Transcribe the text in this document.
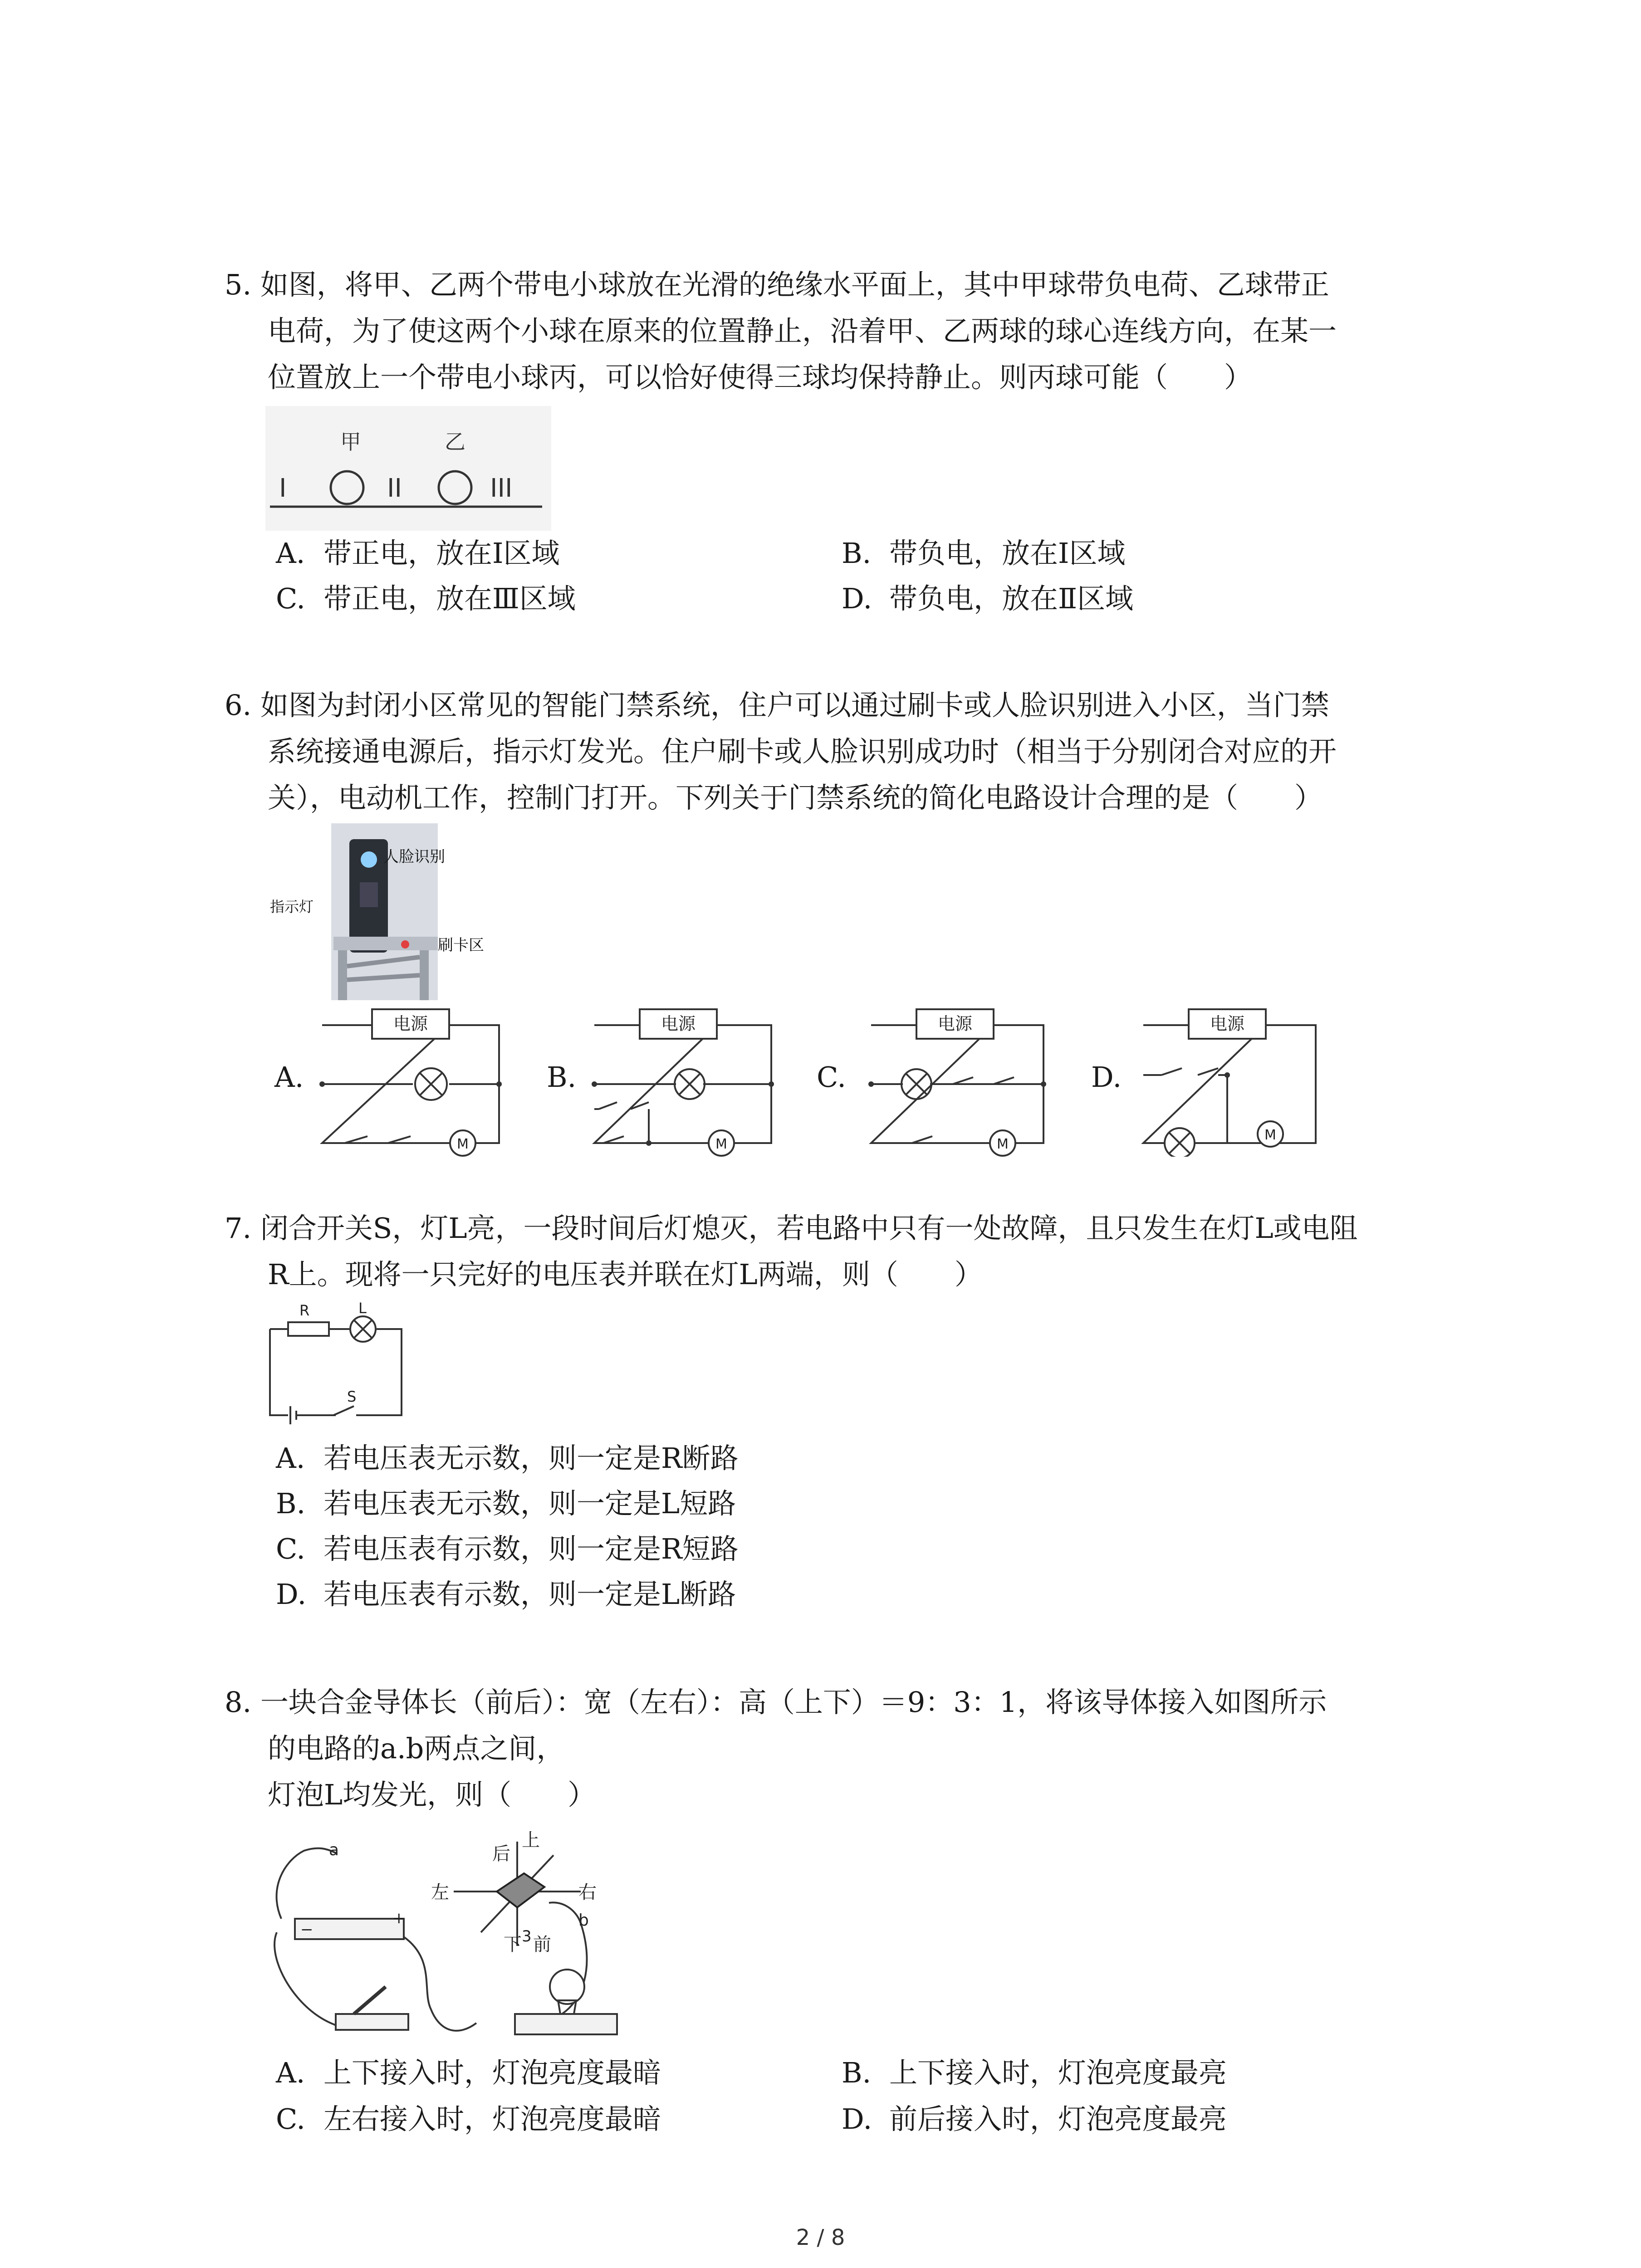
5. 如图，将甲、乙两个带电小球放在光滑的绝缘水平面上，其中甲球带负电荷、乙球带正
电荷，为了使这两个小球在原来的位置静止，沿着甲、乙两球的球心连线方向，在某一
位置放上一个带电小球丙，可以恰好使得三球均保持静止。则丙球可能（　　）
甲	乙
I	II	III
A. 带正电，放在Ⅰ区域	B. 带负电，放在Ⅰ区域
C. 带正电，放在Ⅲ区域	D. 带负电，放在Ⅱ区域
6. 如图为封闭小区常见的智能门禁系统，住户可以通过刷卡或人脸识别进入小区，当门禁
系统接通电源后，指示灯发光。住户刷卡或人脸识别成功时（相当于分别闭合对应的开
关），电动机工作，控制门打开。下列关于门禁系统的简化电路设计合理的是（　　）
人脸识别
指示灯
刷卡区
A.
电源
M
B.
电源
M
C.
电源
M
D.
电源
M
7. 闭合开关S，灯L亮，一段时间后灯熄灭，若电路中只有一处故障，且只发生在灯L或电阻
R上。现将一只完好的电压表并联在灯L两端，则（　　）
R	L
S
A. 若电压表无示数，则一定是R断路
B. 若电压表无示数，则一定是L短路
C. 若电压表有示数，则一定是R短路
D. 若电压表有示数，则一定是L断路
8. 一块合金导体长（前后）：宽（左右）：高（上下）＝9：3：1，将该导体接入如图所示
的电路的a.b两点之间，
灯泡L均发光，则（　　）
a
b
−
+
上
后
左	右
下 3 前
A. 上下接入时，灯泡亮度最暗	B. 上下接入时，灯泡亮度最亮
C. 左右接入时，灯泡亮度最暗	D. 前后接入时，灯泡亮度最亮
2 / 8
